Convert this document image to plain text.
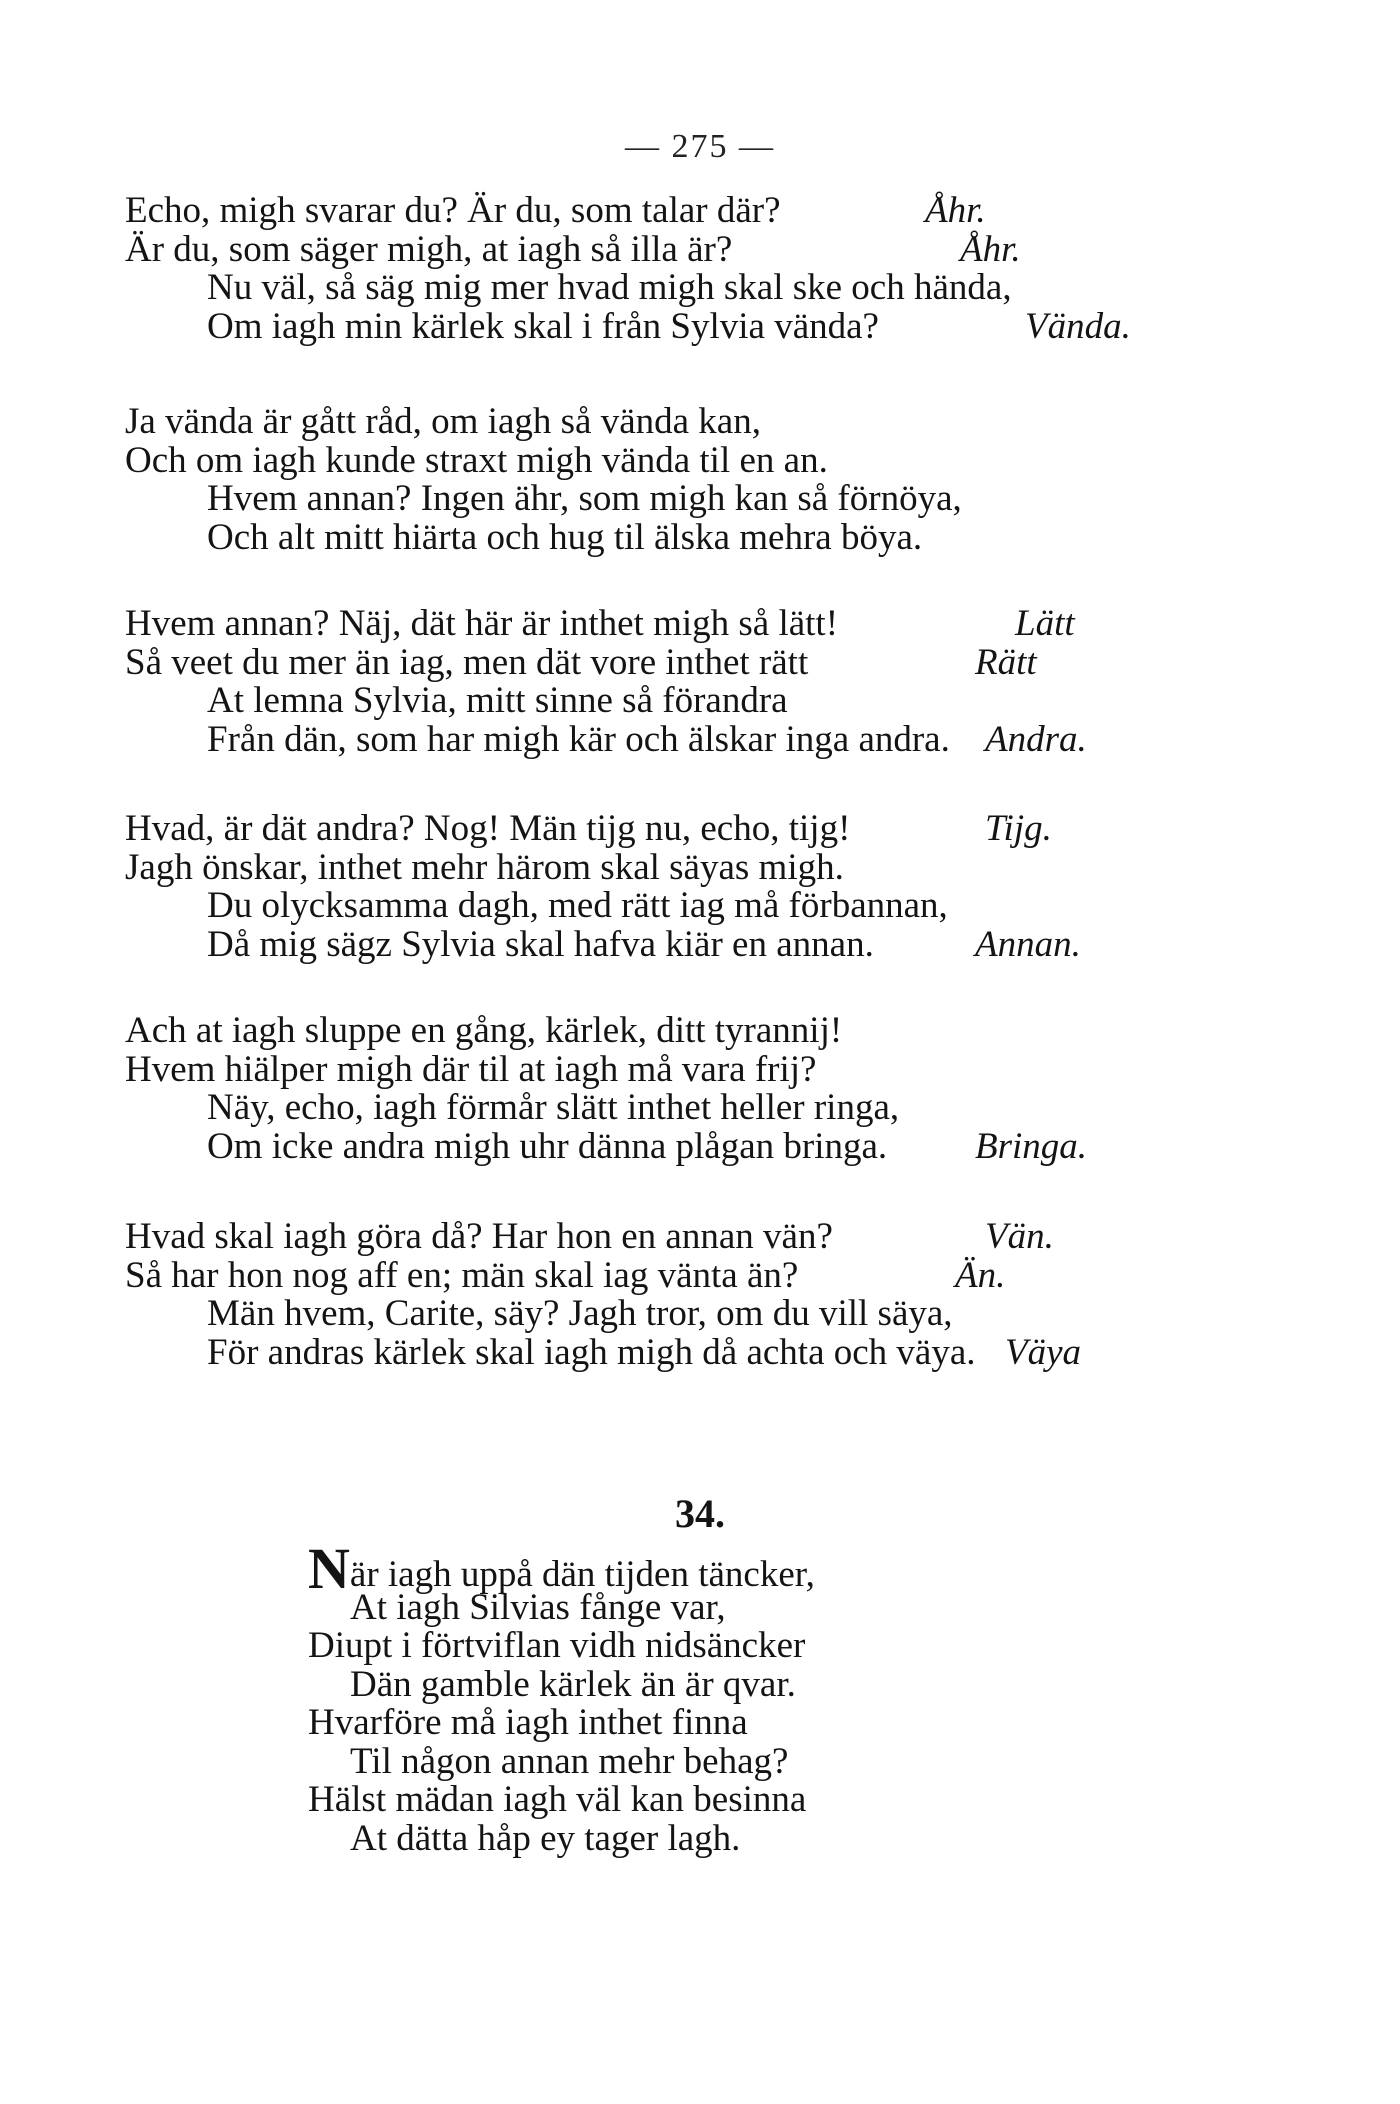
— 275 —
Echo, migh svarar du? Är du, som talar där?	Åhr.
Är du, som säger migh, at iagh så illa är?	Åhr.
Nu väl, så säg mig mer hvad migh skal ske och hända,
Om iagh min kärlek skal i från Sylvia vända?	Vända.
Ja vända är gått råd, om iagh så vända kan,
Och om iagh kunde straxt migh vända til en an.
Hvem annan? Ingen ähr, som migh kan så förnöya,
Och alt mitt hiärta och hug til älska mehra böya.
Hvem annan? Näj, dät här är inthet migh så lätt!	Lätt
Så veet du mer än iag, men dät vore inthet rätt	Rätt
At lemna Sylvia, mitt sinne så förandra
Från dän, som har migh kär och älskar inga andra. Andra.
Hvad, är dät andra? Nog! Män tijg nu, echo, tijg!	Tijg.
Jagh önskar, inthet mehr härom skal säyas migh.
Du olycksamma dagh, med rätt iag må förbannan,
Då mig sägz Sylvia skal hafva kiär en annan.	Annan.
Ach at iagh sluppe en gång, kärlek, ditt tyrannij!
Hvem hiälper migh där til at iagh må vara frij?
Näy, echo, iagh förmår slätt inthet heller ringa,
Om icke andra migh uhr dänna plågan bringa. Bringa.
Hvad skal iagh göra då? Har hon en annan vän?	Vän.
Så har hon nog aff en; män skal iag vänta än?	Än.
Män hvem, Carite, säy? Jagh tror, om du vill säya,
För andras kärlek skal iagh migh då achta och väya. Väya
34.
När iagh uppå dän tijden täncker,
At iagh Silvias fånge var,
Diupt i förtviflan vidh nidsäncker
Dän gamble kärlek än är qvar.
Hvarföre må iagh inthet finna
Til någon annan mehr behag?
Hälst mädan iagh väl kan besinna
At dätta håp ey tager lagh.
